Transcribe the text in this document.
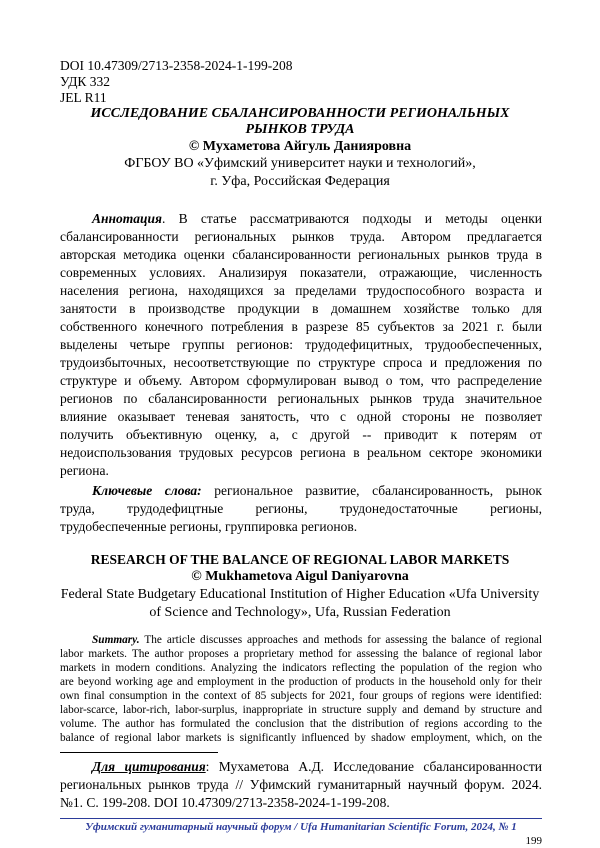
DOI 10.47309/2713-2358-2024-1-199-208
УДК 332
JEL R11
ИССЛЕДОВАНИЕ СБАЛАНСИРОВАННОСТИ РЕГИОНАЛЬНЫХ
РЫНКОВ ТРУДА
© Мухаметова Айгуль Данияровна
ФГБОУ ВО «Уфимский университет науки и технологий»,
г. Уфа, Российская Федерация
Аннотация. В статье рассматриваются подходы и методы оценки
сбалансированности региональных рынков труда. Автором предлагается
авторская методика оценки сбалансированности региональных рынков труда в
современных условиях. Анализируя показатели, отражающие, численность
населения региона, находящихся за пределами трудоспособного возраста и
занятости в производстве продукции в домашнем хозяйстве только для
собственного конечного потребления в разрезе 85 субъектов за 2021 г. были
выделены четыре группы регионов: трудодефицитных, трудообеспеченных,
трудоизбыточных, несоответствующие по структуре спроса и предложения по
структуре и объему. Автором сформулирован вывод о том, что распределение
регионов по сбалансированности региональных рынков труда значительное
влияние оказывает теневая занятость, что с одной стороны не позволяет
получить объективную оценку, а, с другой -- приводит к потерям от
недоиспользования трудовых ресурсов региона в реальном секторе экономики
региона.
Ключевые слова: региональное развитие, сбалансированность, рынок
труда, трудодефицтные регионы, трудонедостаточные регионы,
трудобеспеченные регионы, группировка регионов.
RESEARCH OF THE BALANCE OF REGIONAL LABOR MARKETS
© Mukhametova Aigul Daniyarovna
Federal State Budgetary Educational Institution of Higher Education «Ufa University
of Science and Technology», Ufa, Russian Federation
Summary. The article discusses approaches and methods for assessing the balance of regional
labor markets. The author proposes a proprietary method for assessing the balance of regional labor
markets in modern conditions. Analyzing the indicators reflecting the population of the region who
are beyond working age and employment in the production of products in the household only for their
own final consumption in the context of 85 subjects for 2021, four groups of regions were identified:
labor-scarce, labor-rich, labor-surplus, inappropriate in structure supply and demand by structure and
volume. The author has formulated the conclusion that the distribution of regions according to the
balance of regional labor markets is significantly influenced by shadow employment, which, on the
Для цитирования: Мухаметова А.Д. Исследование сбалансированности
региональных рынков труда // Уфимский гуманитарный научный форум. 2024.
№1. С. 199-208. DOI 10.47309/2713-2358-2024-1-199-208.
Уфимский гуманитарный научный форум / Ufa Humanitarian Scientific Forum, 2024, № 1
199
